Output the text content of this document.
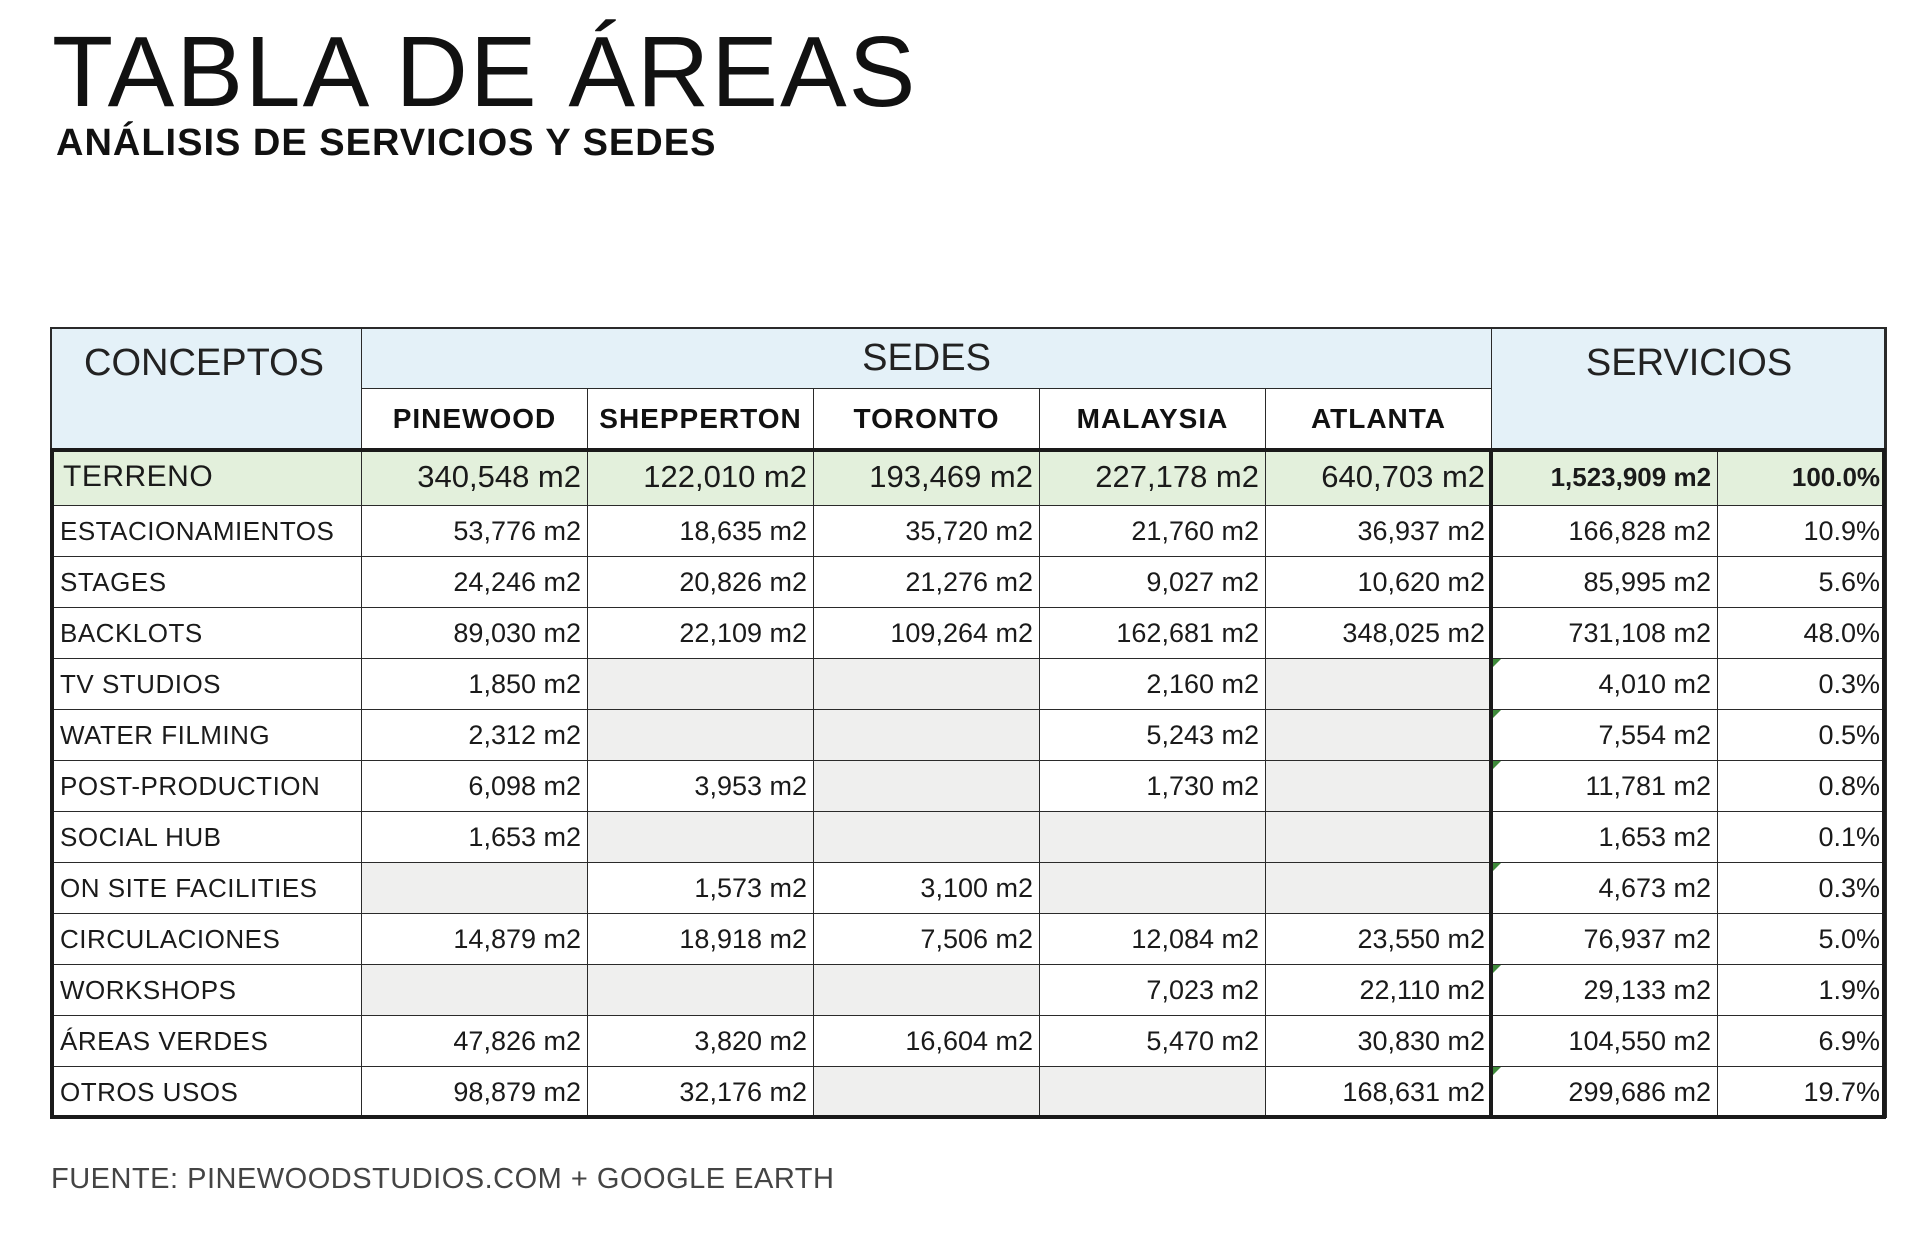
TABLA DE ÁREAS
ANÁLISIS DE SERVICIOS Y SEDES
CONCEPTOS	SEDES					SERVICIOS	
	PINEWOOD	SHEPPERTON	TORONTO	MALAYSIA	ATLANTA		
TERRENO	340,548 m2	122,010 m2	193,469 m2	227,178 m2	640,703 m2	1,523,909 m2	100.0%
ESTACIONAMIENTOS	53,776 m2	18,635 m2	35,720 m2	21,760 m2	36,937 m2	166,828 m2	10.9%
STAGES	24,246 m2	20,826 m2	21,276 m2	9,027 m2	10,620 m2	85,995 m2	5.6%
BACKLOTS	89,030 m2	22,109 m2	109,264 m2	162,681 m2	348,025 m2	731,108 m2	48.0%
TV STUDIOS	1,850 m2			2,160 m2		4,010 m2	0.3%
WATER FILMING	2,312 m2			5,243 m2		7,554 m2	0.5%
POST-PRODUCTION	6,098 m2	3,953 m2		1,730 m2		11,781 m2	0.8%
SOCIAL HUB	1,653 m2					1,653 m2	0.1%
ON SITE FACILITIES		1,573 m2	3,100 m2			4,673 m2	0.3%
CIRCULACIONES	14,879 m2	18,918 m2	7,506 m2	12,084 m2	23,550 m2	76,937 m2	5.0%
WORKSHOPS				7,023 m2	22,110 m2	29,133 m2	1.9%
ÁREAS VERDES	47,826 m2	3,820 m2	16,604 m2	5,470 m2	30,830 m2	104,550 m2	6.9%
OTROS USOS	98,879 m2	32,176 m2			168,631 m2	299,686 m2	19.7%

FUENTE: PINEWOODSTUDIOS.COM + GOOGLE EARTH
